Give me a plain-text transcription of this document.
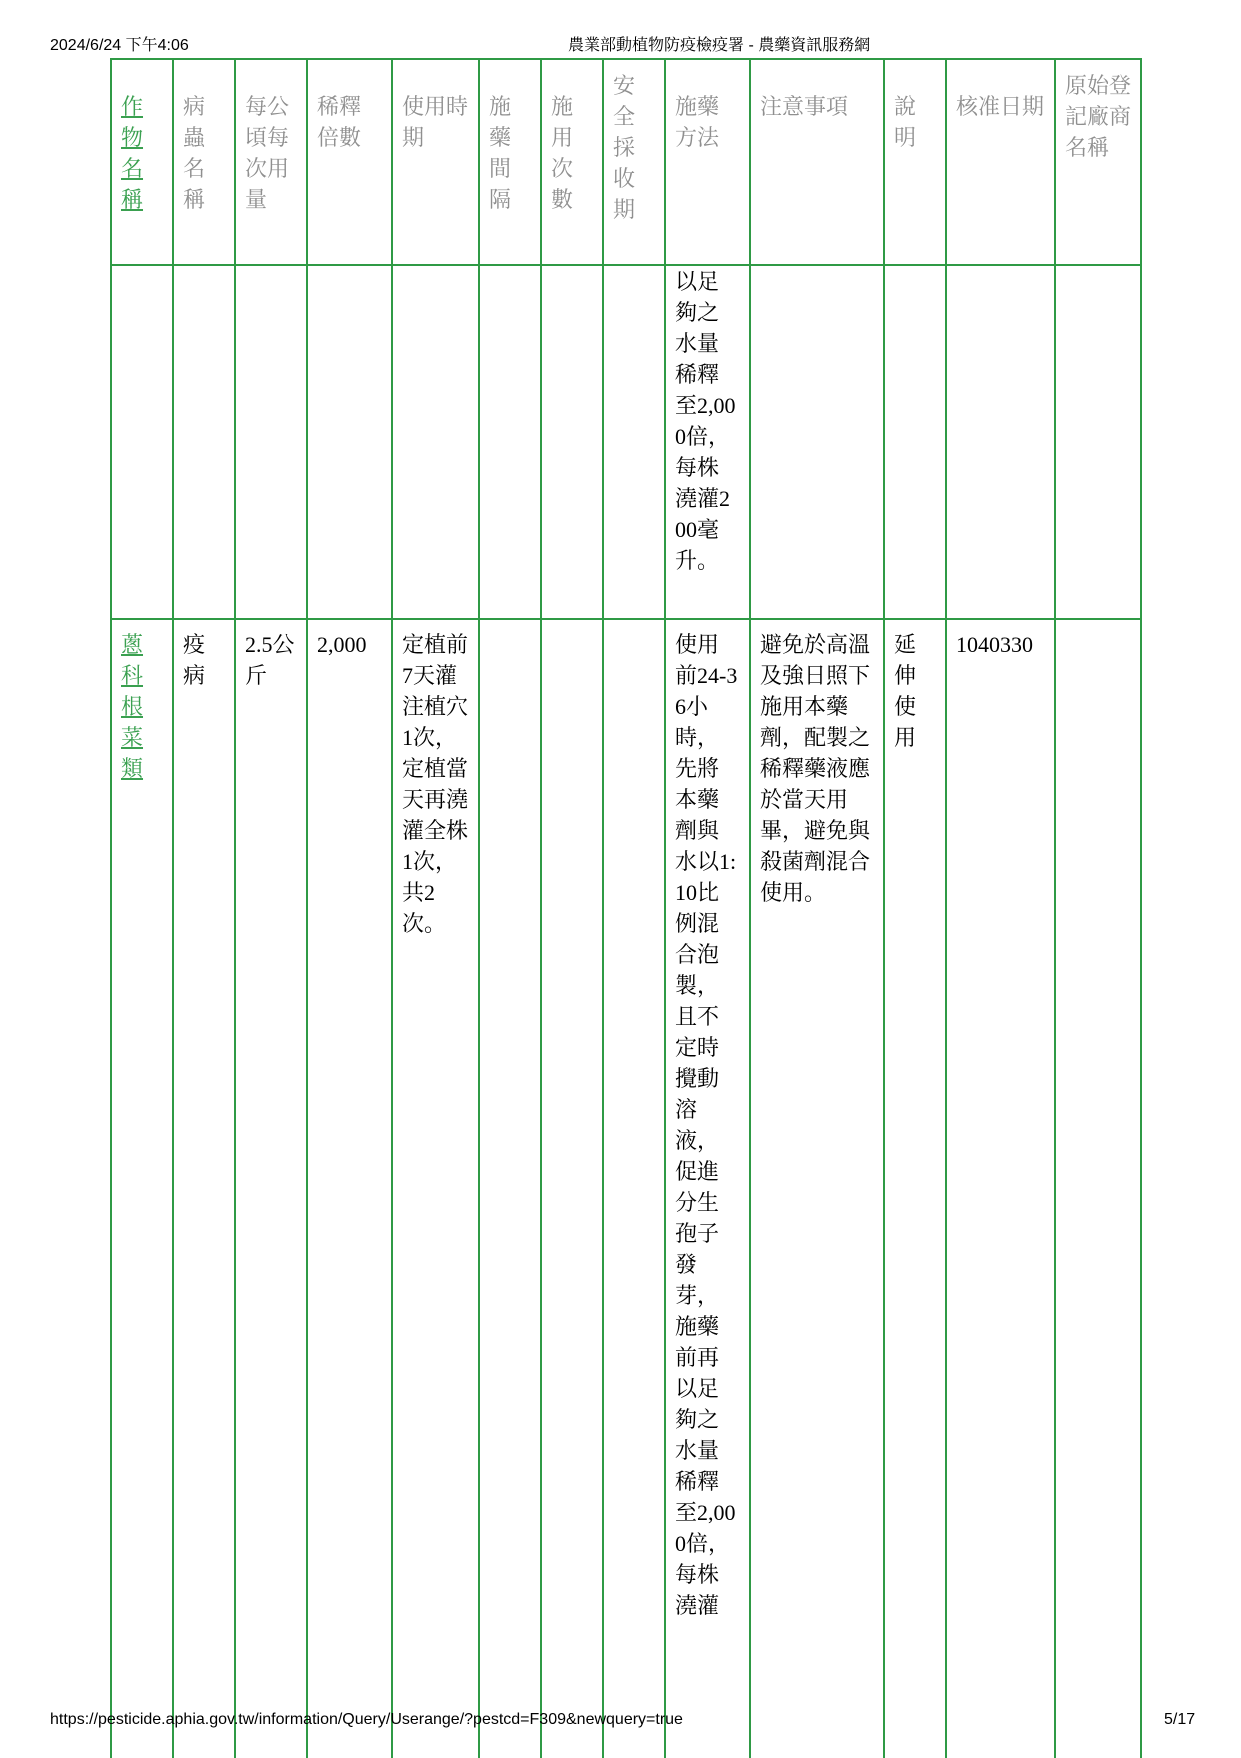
2024/6/24 下午4:06	農業部動植物防疫檢疫署 - 農藥資訊服務網
作物名稱	病蟲名稱	每公頃每次用量	稀釋倍數	使用時期	施藥間隔	施用次數	安全採收期	施藥方法	注意事項	說明	核准日期	原始登記廠商名稱
								以足夠之水量稀釋至2,000倍，每株澆灌200毫升。				
蔥科根菜類	疫病	2.5公斤	2,000	定植前7天灌注植穴1次，定植當天再澆灌全株1次，共2次。				使用前24-36小時，先將本藥劑與水以1:10比例混合泡製，且不定時攪動溶液，促進分生孢子發芽，施藥前再以足夠之水量稀釋至2,000倍，每株澆灌	避免於高溫及強日照下施用本藥劑，配製之稀釋藥液應於當天用畢，避免與殺菌劑混合使用。	延伸使用	1040330	
https://pesticide.aphia.gov.tw/information/Query/Userange/?pestcd=F309&newquery=true	5/17
